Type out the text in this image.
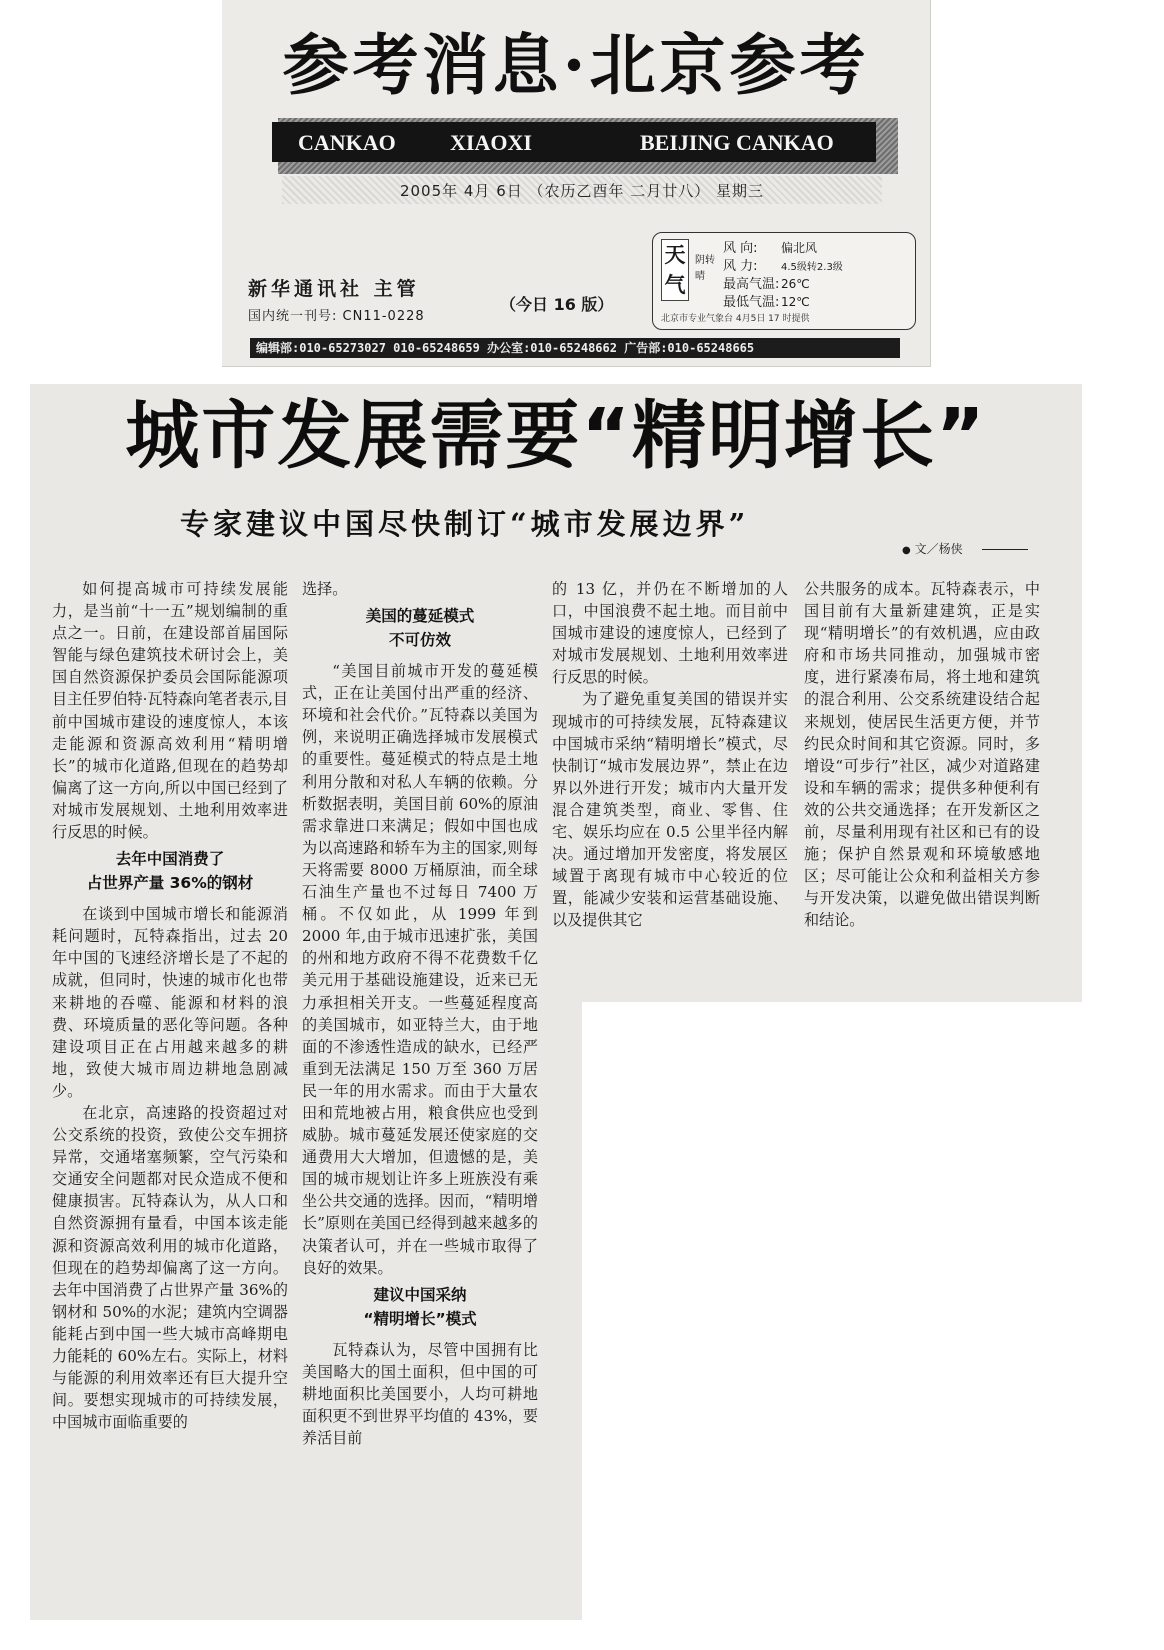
参考消息·北京参考
CANKAO XIAOXI	BEIJING CANKAO
2005年 4月 6日 （农历乙酉年 二月廿八） 星期三
新华通讯社 主管
国内统一刊号: CN11-0228
（今日 16 版）
天
气
阴转晴
风 向: 偏北风
风 力: 4.5级转2.3级
最高气温: 26℃
最低气温: 12℃
北京市专业气象台 4月5日 17 时提供
编辑部:010-65273027 010-65248659 办公室:010-65248662 广告部:010-65248665
城市发展需要“精明增长”
专家建议中国尽快制订“城市发展边界”
● 文／杨侠

如何提高城市可持续发展能力，是当前“十一五”规划编制的重点之一。日前，在建设部首届国际智能与绿色建筑技术研讨会上，美国自然资源保护委员会国际能源项目主任罗伯特·瓦特森向笔者表示,目前中国城市建设的速度惊人，本该走能源和资源高效利用“精明增长”的城市化道路,但现在的趋势却偏离了这一方向,所以中国已经到了对城市发展规划、土地利用效率进行反思的时候。

去年中国消费了
占世界产量 36%的钢材

在谈到中国城市增长和能源消耗问题时，瓦特森指出，过去 20 年中国的飞速经济增长是了不起的成就，但同时，快速的城市化也带来耕地的吞噬、能源和材料的浪费、环境质量的恶化等问题。各种建设项目正在占用越来越多的耕地，致使大城市周边耕地急剧减少。

在北京，高速路的投资超过对公交系统的投资，致使公交车拥挤异常，交通堵塞频繁，空气污染和交通安全问题都对民众造成不便和健康损害。瓦特森认为，从人口和自然资源拥有量看，中国本该走能源和资源高效利用的城市化道路，但现在的趋势却偏离了这一方向。去年中国消费了占世界产量 36%的钢材和 50%的水泥；建筑内空调器能耗占到中国一些大城市高峰期电力能耗的 60%左右。实际上，材料与能源的利用效率还有巨大提升空间。要想实现城市的可持续发展，中国城市面临重要的

选择。

美国的蔓延模式
不可仿效

“美国目前城市开发的蔓延模式，正在让美国付出严重的经济、环境和社会代价。”瓦特森以美国为例，来说明正确选择城市发展模式的重要性。蔓延模式的特点是土地利用分散和对私人车辆的依赖。分析数据表明，美国目前 60%的原油需求靠进口来满足；假如中国也成为以高速路和轿车为主的国家,则每天将需要 8000 万桶原油，而全球石油生产量也不过每日 7400 万桶。不仅如此，从 1999 年到 2000 年,由于城市迅速扩张，美国的州和地方政府不得不花费数千亿美元用于基础设施建设，近来已无力承担相关开支。一些蔓延程度高的美国城市，如亚特兰大，由于地面的不渗透性造成的缺水，已经严重到无法满足 150 万至 360 万居民一年的用水需求。而由于大量农田和荒地被占用，粮食供应也受到威胁。城市蔓延发展还使家庭的交通费用大大增加，但遗憾的是，美国的城市规划让许多上班族没有乘坐公共交通的选择。因而，“精明增长”原则在美国已经得到越来越多的决策者认可，并在一些城市取得了良好的效果。

建议中国采纳
“精明增长”模式

瓦特森认为，尽管中国拥有比美国略大的国土面积，但中国的可耕地面积比美国要小，人均可耕地面积更不到世界平均值的 43%，要养活目前

的 13 亿，并仍在不断增加的人口，中国浪费不起土地。而目前中国城市建设的速度惊人，已经到了对城市发展规划、土地利用效率进行反思的时候。

为了避免重复美国的错误并实现城市的可持续发展，瓦特森建议中国城市采纳“精明增长”模式，尽快制订“城市发展边界”，禁止在边界以外进行开发；城市内大量开发混合建筑类型，商业、零售、住宅、娱乐均应在 0.5 公里半径内解决。通过增加开发密度，将发展区域置于离现有城市中心较近的位置，能减少安装和运营基础设施、以及提供其它

公共服务的成本。瓦特森表示，中国目前有大量新建建筑，正是实现“精明增长”的有效机遇，应由政府和市场共同推动，加强城市密度，进行紧凑布局，将土地和建筑的混合利用、公交系统建设结合起来规划，使居民生活更方便，并节约民众时间和其它资源。同时，多增设“可步行”社区，减少对道路建设和车辆的需求；提供多种便利有效的公共交通选择；在开发新区之前，尽量利用现有社区和已有的设施；保护自然景观和环境敏感地区；尽可能让公众和利益相关方参与开发决策，以避免做出错误判断和结论。
